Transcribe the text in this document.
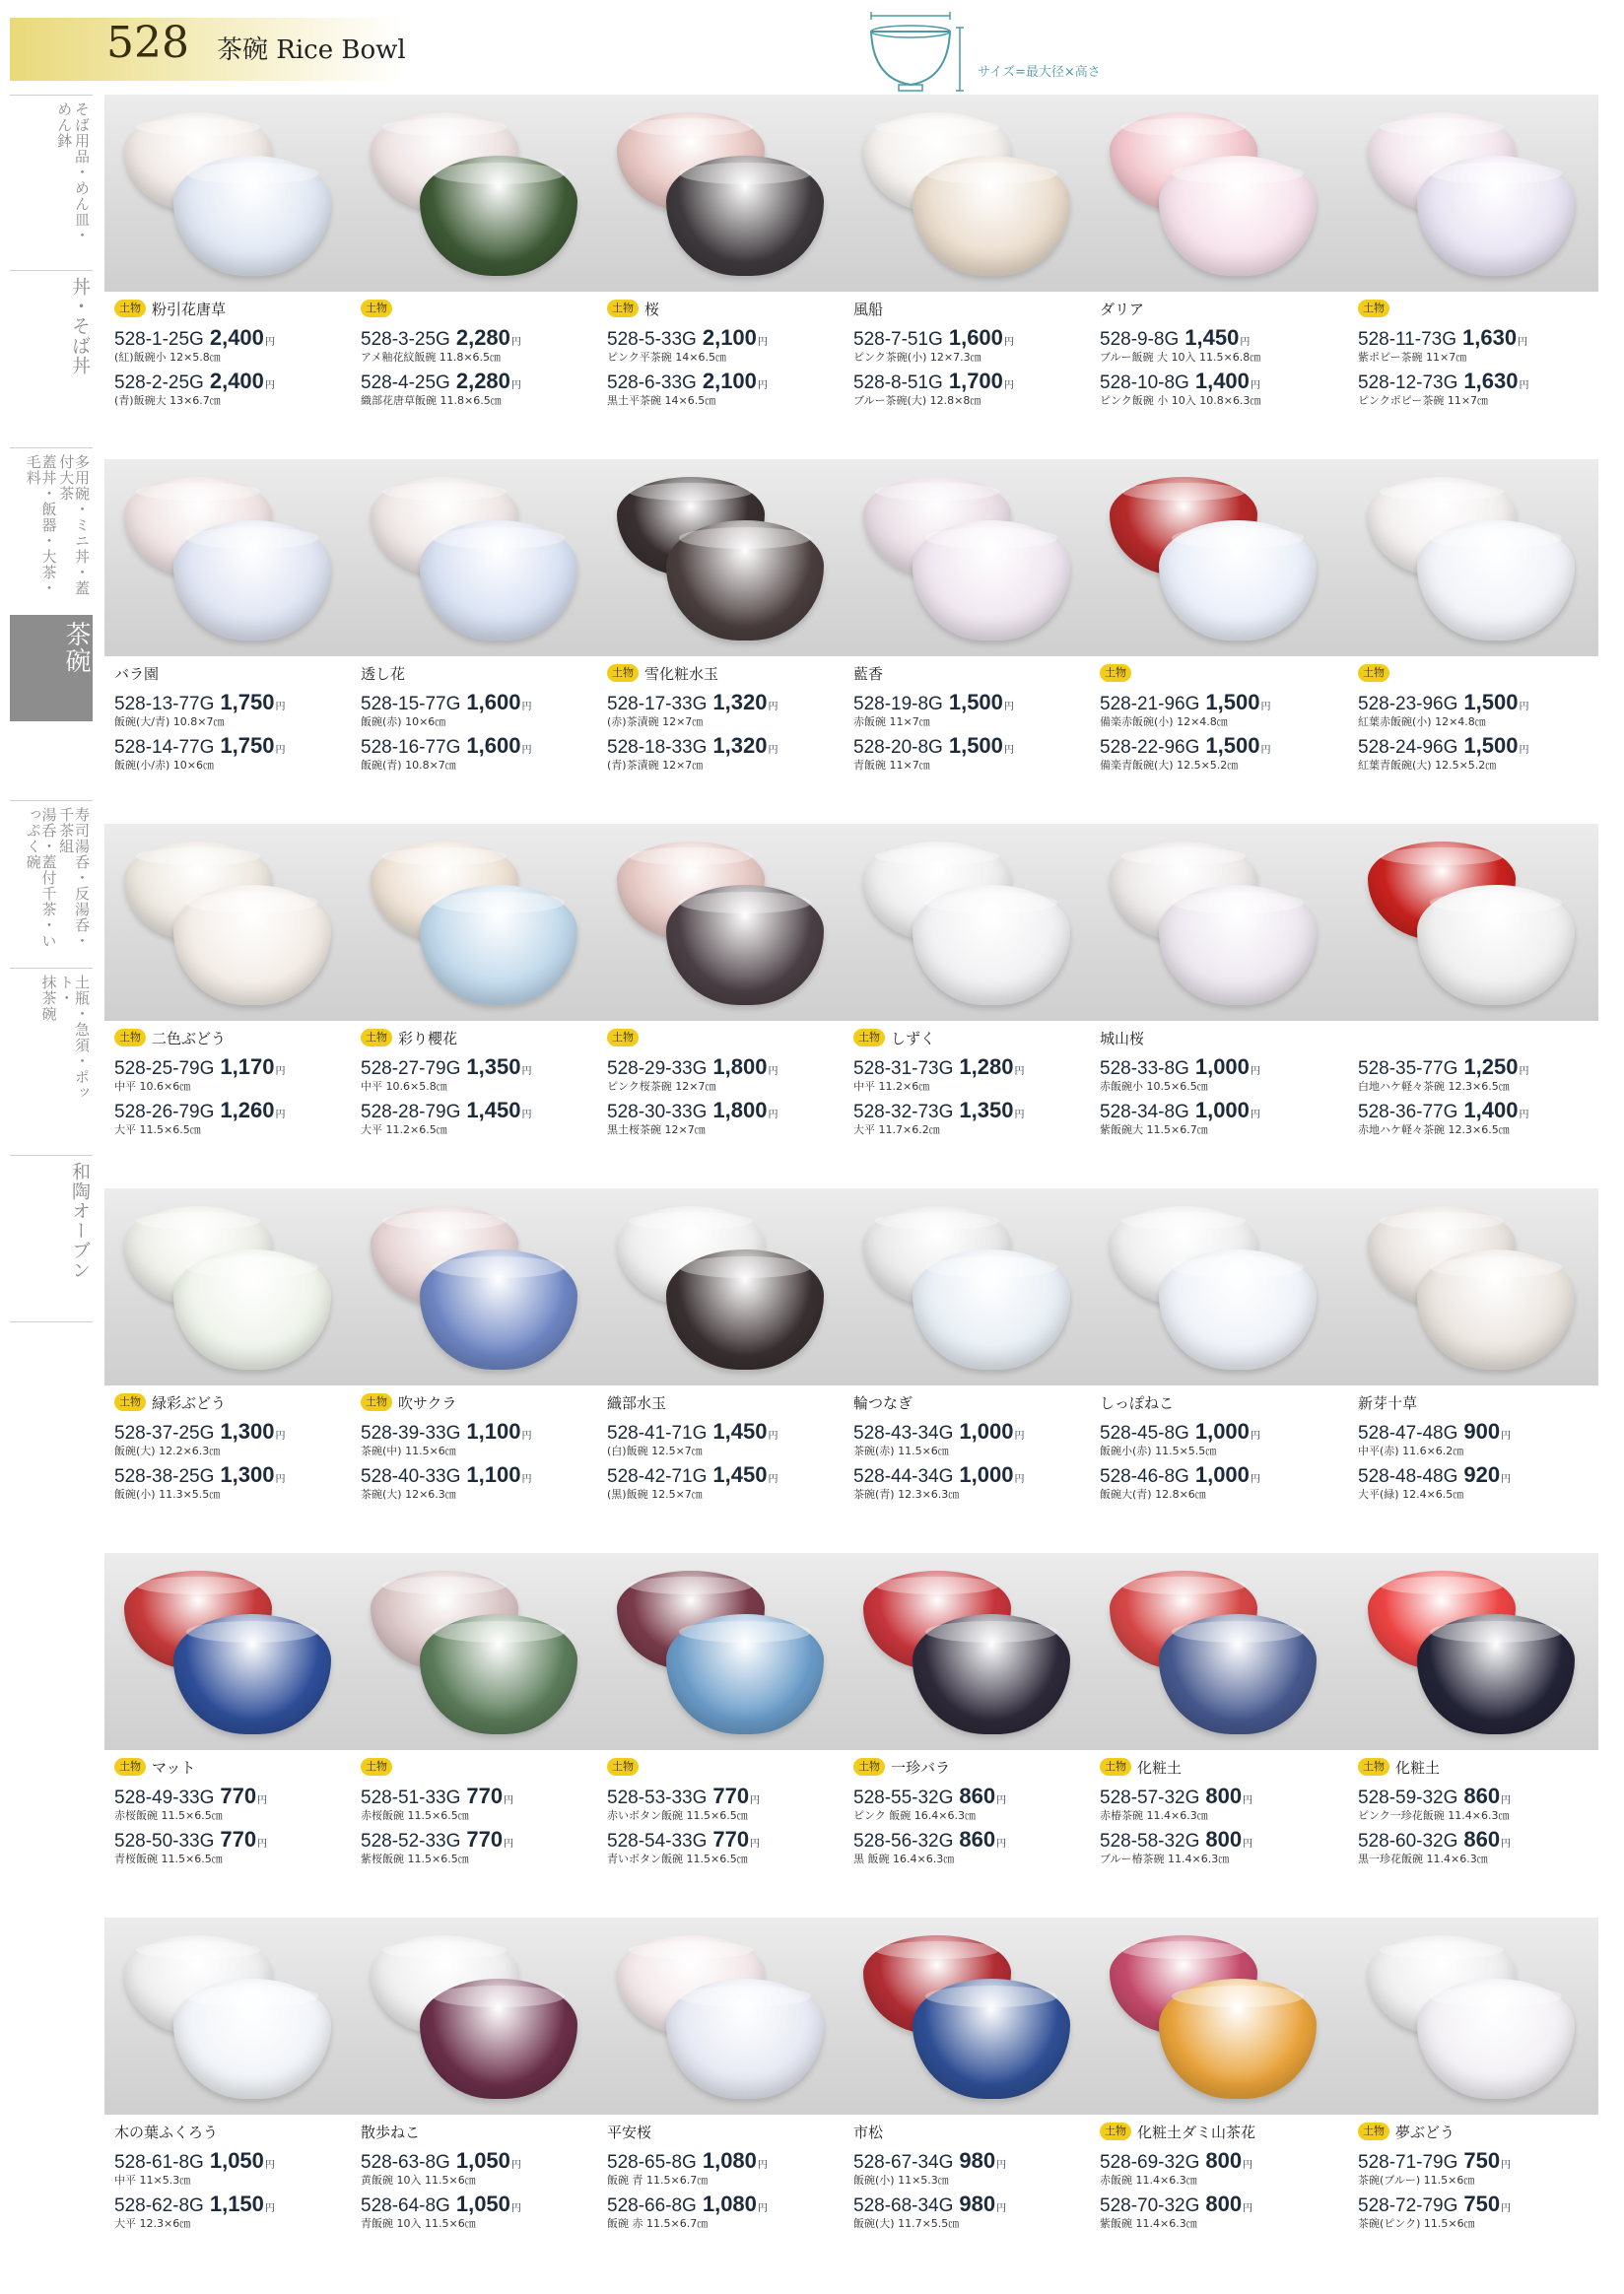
528 茶碗 Rice Bowl
サイズ=最大径×高さ
そば用品・めん皿・
めん鉢
丼・そば丼
多用碗・ミニ丼・蓋付大茶
蓋丼・飯器・大茶・毛料
茶碗
寿司湯呑・反湯呑・千茶組
湯呑・蓋付千茶・いっぷく碗
土瓶・急須・ポット・
抹茶碗
和陶オーブン
土物 粉引花唐草
528-1-25G 2,400円
(紅)飯碗小 12×5.8㎝
528-2-25G 2,400円
(青)飯碗大 13×6.7㎝
土物
528-3-25G 2,280円
アメ釉花紋飯碗 11.8×6.5㎝
528-4-25G 2,280円
織部花唐草飯碗 11.8×6.5㎝
土物 桜
528-5-33G 2,100円
ピンク平茶碗 14×6.5㎝
528-6-33G 2,100円
黒土平茶碗 14×6.5㎝
風船
528-7-51G 1,600円
ピンク茶碗(小) 12×7.3㎝
528-8-51G 1,700円
ブルー茶碗(大) 12.8×8㎝
ダリア
528-9-8G 1,450円
ブルー飯碗 大 10入 11.5×6.8㎝
528-10-8G 1,400円
ピンク飯碗 小 10入 10.8×6.3㎝
土物
528-11-73G 1,630円
紫ポピー茶碗 11×7㎝
528-12-73G 1,630円
ピンクポピー茶碗 11×7㎝
バラ園
528-13-77G 1,750円
飯碗(大/青) 10.8×7㎝
528-14-77G 1,750円
飯碗(小/赤) 10×6㎝
透し花
528-15-77G 1,600円
飯碗(赤) 10×6㎝
528-16-77G 1,600円
飯碗(青) 10.8×7㎝
土物 雪化粧水玉
528-17-33G 1,320円
(赤)茶漬碗 12×7㎝
528-18-33G 1,320円
(青)茶漬碗 12×7㎝
藍香
528-19-8G 1,500円
赤飯碗 11×7㎝
528-20-8G 1,500円
青飯碗 11×7㎝
土物
528-21-96G 1,500円
備楽赤飯碗(小) 12×4.8㎝
528-22-96G 1,500円
備楽青飯碗(大) 12.5×5.2㎝
土物
528-23-96G 1,500円
紅葉赤飯碗(小) 12×4.8㎝
528-24-96G 1,500円
紅葉青飯碗(大) 12.5×5.2㎝
土物 二色ぶどう
528-25-79G 1,170円
中平 10.6×6㎝
528-26-79G 1,260円
大平 11.5×6.5㎝
土物 彩り櫻花
528-27-79G 1,350円
中平 10.6×5.8㎝
528-28-79G 1,450円
大平 11.2×6.5㎝
土物
528-29-33G 1,800円
ピンク桜茶碗 12×7㎝
528-30-33G 1,800円
黒土桜茶碗 12×7㎝
土物 しずく
528-31-73G 1,280円
中平 11.2×6㎝
528-32-73G 1,350円
大平 11.7×6.2㎝
城山桜
528-33-8G 1,000円
赤飯碗小 10.5×6.5㎝
528-34-8G 1,000円
紫飯碗大 11.5×6.7㎝
528-35-77G 1,250円
白地ハケ軽々茶碗 12.3×6.5㎝
528-36-77G 1,400円
赤地ハケ軽々茶碗 12.3×6.5㎝
土物 緑彩ぶどう
528-37-25G 1,300円
飯碗(大) 12.2×6.3㎝
528-38-25G 1,300円
飯碗(小) 11.3×5.5㎝
土物 吹サクラ
528-39-33G 1,100円
茶碗(中) 11.5×6㎝
528-40-33G 1,100円
茶碗(大) 12×6.3㎝
織部水玉
528-41-71G 1,450円
(白)飯碗 12.5×7㎝
528-42-71G 1,450円
(黒)飯碗 12.5×7㎝
輪つなぎ
528-43-34G 1,000円
茶碗(赤) 11.5×6㎝
528-44-34G 1,000円
茶碗(青) 12.3×6.3㎝
しっぽねこ
528-45-8G 1,000円
飯碗小(赤) 11.5×5.5㎝
528-46-8G 1,000円
飯碗大(青) 12.8×6㎝
新芽十草
528-47-48G 900円
中平(赤) 11.6×6.2㎝
528-48-48G 920円
大平(緑) 12.4×6.5㎝
土物 マット
528-49-33G 770円
赤桜飯碗 11.5×6.5㎝
528-50-33G 770円
青桜飯碗 11.5×6.5㎝
土物
528-51-33G 770円
赤桜飯碗 11.5×6.5㎝
528-52-33G 770円
紫桜飯碗 11.5×6.5㎝
土物
528-53-33G 770円
赤いボタン飯碗 11.5×6.5㎝
528-54-33G 770円
青いボタン飯碗 11.5×6.5㎝
土物 一珍バラ
528-55-32G 860円
ピンク 飯碗 16.4×6.3㎝
528-56-32G 860円
黒 飯碗 16.4×6.3㎝
土物 化粧土
528-57-32G 800円
赤椿茶碗 11.4×6.3㎝
528-58-32G 800円
ブルー椿茶碗 11.4×6.3㎝
土物 化粧土
528-59-32G 860円
ピンク一珍花飯碗 11.4×6.3㎝
528-60-32G 860円
黒一珍花飯碗 11.4×6.3㎝
木の葉ふくろう
528-61-8G 1,050円
中平 11×5.3㎝
528-62-8G 1,150円
大平 12.3×6㎝
散歩ねこ
528-63-8G 1,050円
黄飯碗 10入 11.5×6㎝
528-64-8G 1,050円
青飯碗 10入 11.5×6㎝
平安桜
528-65-8G 1,080円
飯碗 青 11.5×6.7㎝
528-66-8G 1,080円
飯碗 赤 11.5×6.7㎝
市松
528-67-34G 980円
飯碗(小) 11×5.3㎝
528-68-34G 980円
飯碗(大) 11.7×5.5㎝
土物 化粧土ダミ山茶花
528-69-32G 800円
赤飯碗 11.4×6.3㎝
528-70-32G 800円
紫飯碗 11.4×6.3㎝
土物 夢ぶどう
528-71-79G 750円
茶碗(ブルー) 11.5×6㎝
528-72-79G 750円
茶碗(ピンク) 11.5×6㎝
